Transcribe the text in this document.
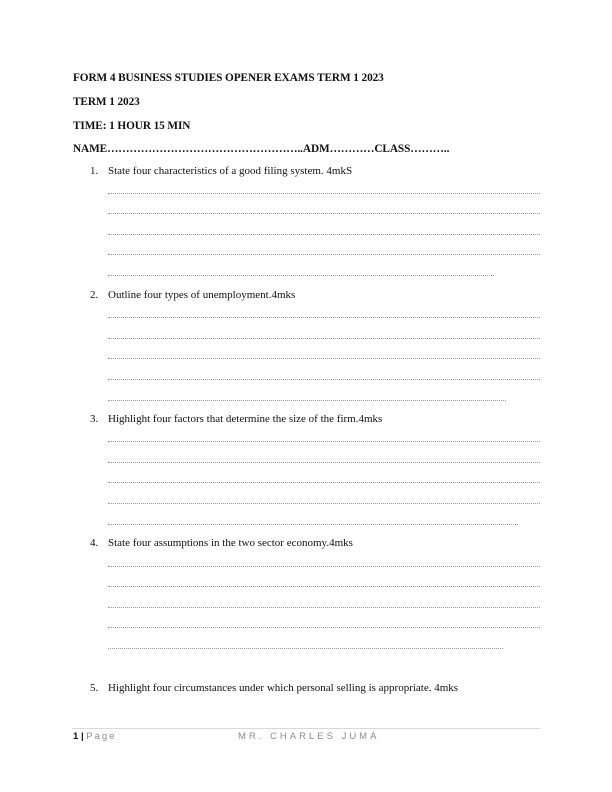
FORM 4 BUSINESS STUDIES OPENER EXAMS TERM 1 2023
TERM 1 2023
TIME: 1 HOUR 15 MIN
NAME……………………………………………..ADM…………CLASS………..
1. State four characteristics of a good filing system. 4mkS
2. Outline four types of unemployment.4mks
3. Highlight four factors that determine the size of the firm.4mks
4. State four assumptions in the two sector economy.4mks
5. Highlight four circumstances under which personal selling is appropriate. 4mks
1 | Page	MR. CHARLES JUMA
